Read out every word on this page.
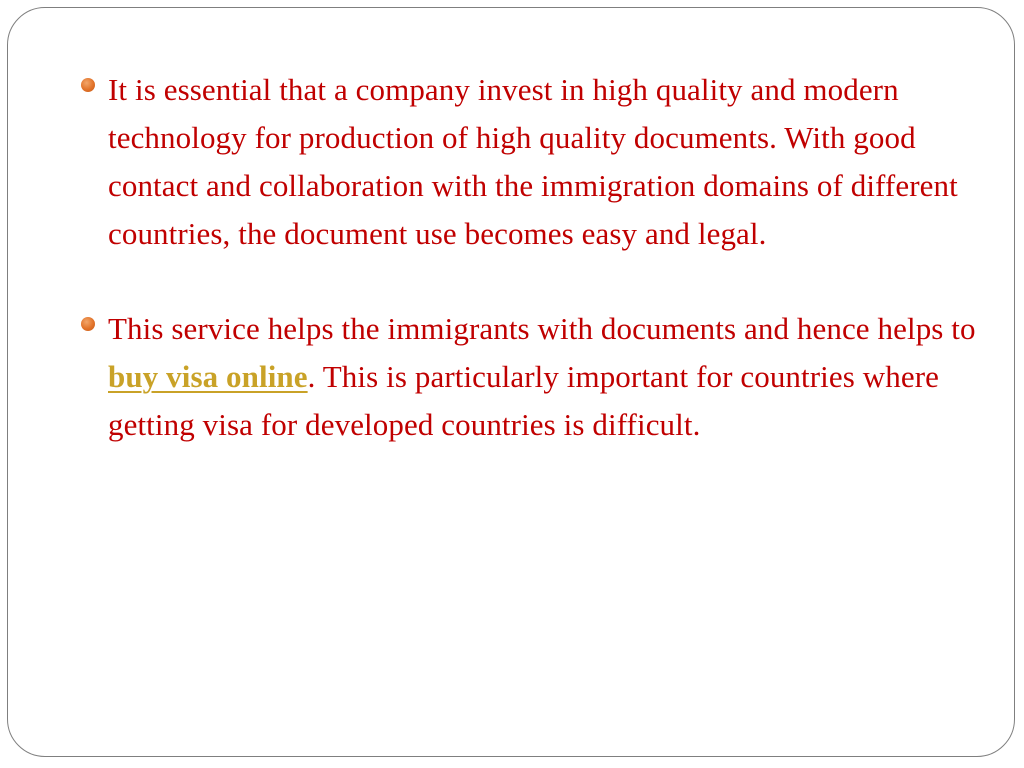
It is essential that a company invest in high quality and modern technology for production of high quality documents. With good contact and collaboration with the immigration domains of different countries, the document use becomes easy and legal.
This service helps the immigrants with documents and hence helps to buy visa online. This is particularly important for countries where getting visa for developed countries is difficult.
